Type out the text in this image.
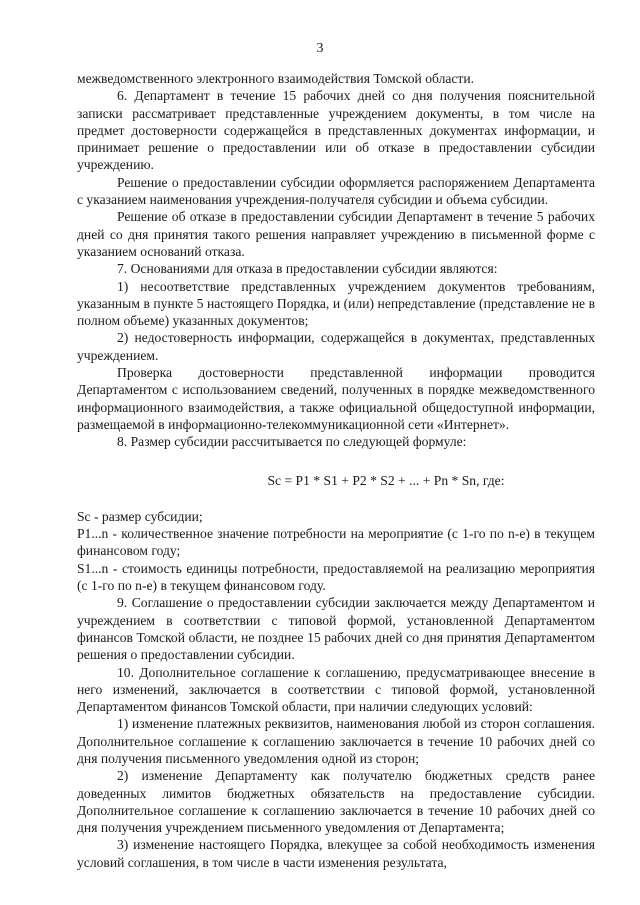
3

межведомственного электронного взаимодействия Томской области.

6. Департамент в течение 15 рабочих дней со дня получения пояснительной записки рассматривает представленные учреждением документы, в том числе на предмет достоверности содержащейся в представленных документах информации, и принимает решение о предоставлении или об отказе в предоставлении субсидии учреждению.

Решение о предоставлении субсидии оформляется распоряжением Департамента с указанием наименования учреждения-получателя субсидии и объема субсидии.

Решение об отказе в предоставлении субсидии Департамент в течение 5 рабочих дней со дня принятия такого решения направляет учреждению в письменной форме с указанием оснований отказа.

7. Основаниями для отказа в предоставлении субсидии являются:

1) несоответствие представленных учреждением документов требованиям, указанным в пункте 5 настоящего Порядка, и (или) непредставление (представление не в полном объеме) указанных документов;

2) недостоверность информации, содержащейся в документах, представленных учреждением.

Проверка достоверности представленной информации проводится Департаментом с использованием сведений, полученных в порядке межведомственного информационного взаимодействия, а также официальной общедоступной информации, размещаемой в информационно-телекоммуникационной сети «Интернет».

8. Размер субсидии рассчитывается по следующей формуле:

Sc = P1 * S1 + P2 * S2 + ... + Pn * Sn, где:

Sc - размер субсидии;

P1...n - количественное значение потребности на мероприятие (с 1-го по n-е) в текущем финансовом году;

S1...n - стоимость единицы потребности, предоставляемой на реализацию мероприятия (с 1-го по n-е) в текущем финансовом году.

9. Соглашение о предоставлении субсидии заключается между Департаментом и учреждением в соответствии с типовой формой, установленной Департаментом финансов Томской области, не позднее 15 рабочих дней со дня принятия Департаментом решения о предоставлении субсидии.

10. Дополнительное соглашение к соглашению, предусматривающее внесение в него изменений, заключается в соответствии с типовой формой, установленной Департаментом финансов Томской области, при наличии следующих условий:

1) изменение платежных реквизитов, наименования любой из сторон соглашения. Дополнительное соглашение к соглашению заключается в течение 10 рабочих дней со дня получения письменного уведомления одной из сторон;

2) изменение Департаменту как получателю бюджетных средств ранее доведенных лимитов бюджетных обязательств на предоставление субсидии. Дополнительное соглашение к соглашению заключается в течение 10 рабочих дней со дня получения учреждением письменного уведомления от Департамента;

3) изменение настоящего Порядка, влекущее за собой необходимость изменения условий соглашения, в том числе в части изменения результата,
